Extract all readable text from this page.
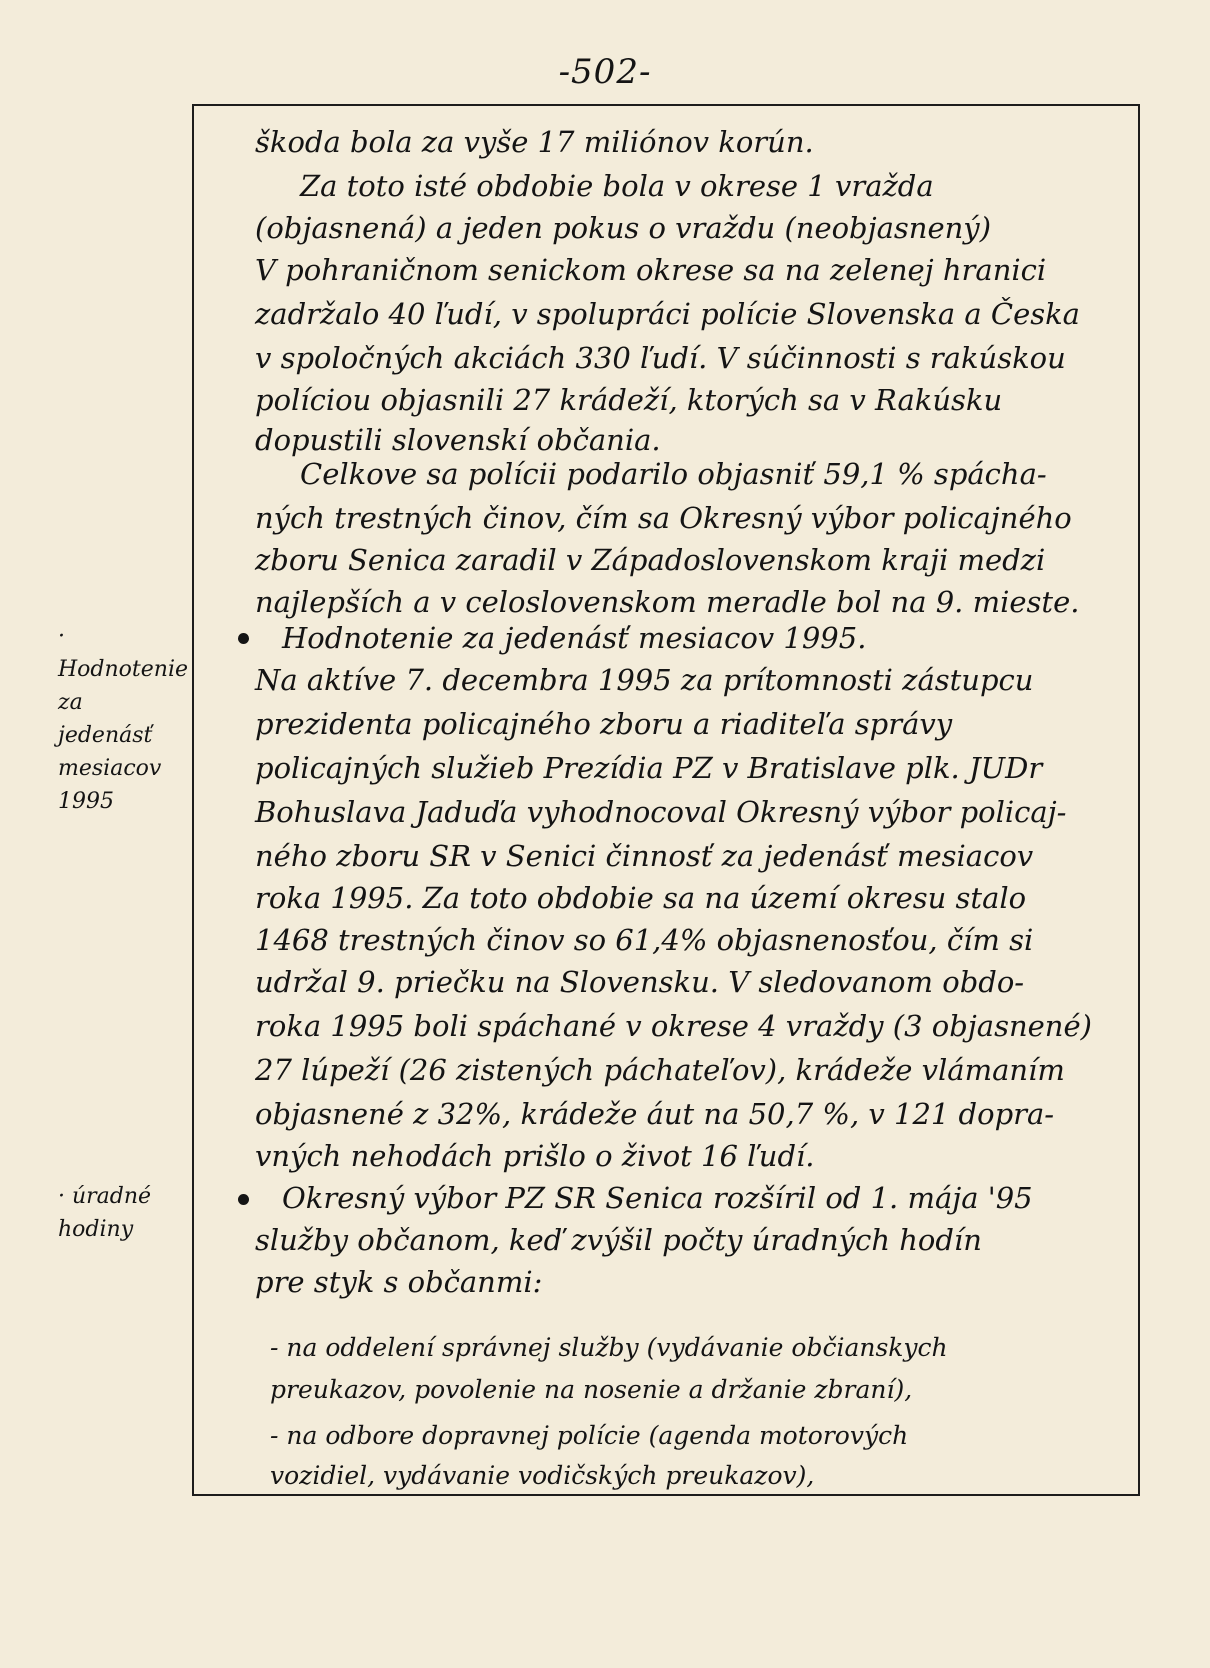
-502-
· Hodnotenie
za
jedenásť
mesiacov
1995
· úradné
hodiny
škoda bola za vyše 17 miliónov korún.
Za toto isté obdobie bola v okrese 1 vražda
(objasnená) a jeden pokus o vraždu (neobjasnený)
V pohraničnom senickom okrese sa na zelenej hranici
zadržalo 40 ľudí, v spolupráci polície Slovenska a Česka
v spoločných akciách 330 ľudí. V súčinnosti s rakúskou
políciou objasnili 27 krádeží, ktorých sa v Rakúsku
dopustili slovenskí občania.
Celkove sa polícii podarilo objasniť 59,1 % spácha-
ných trestných činov, čím sa Okresný výbor policajného
zboru Senica zaradil v Západoslovenskom kraji medzi
najlepších a v celoslovenskom meradle bol na 9. mieste.
Hodnotenie za jedenásť mesiacov 1995.
Na aktíve 7. decembra 1995 za prítomnosti zástupcu
prezidenta policajného zboru a riaditeľa správy
policajných služieb Prezídia PZ v Bratislave plk. JUDr
Bohuslava Jaduďa vyhodnocoval Okresný výbor policaj-
ného zboru SR v Senici činnosť za jedenásť mesiacov
roka 1995. Za toto obdobie sa na území okresu stalo
1468 trestných činov so 61,4% objasnenosťou, čím si
udržal 9. priečku na Slovensku. V sledovanom obdo-
roka 1995 boli spáchané v okrese 4 vraždy (3 objasnené)
27 lúpeží (26 zistených páchateľov), krádeže vlámaním
objasnené z 32%, krádeže áut na 50,7 %, v 121 dopra-
vných nehodách prišlo o život 16 ľudí.
Okresný výbor PZ SR Senica rozšíril od 1. mája '95
služby občanom, keď zvýšil počty úradných hodín
pre styk s občanmi:
- na oddelení správnej služby (vydávanie občianskych
preukazov, povolenie na nosenie a držanie zbraní),
- na odbore dopravnej polície (agenda motorových
vozidiel, vydávanie vodičských preukazov),
